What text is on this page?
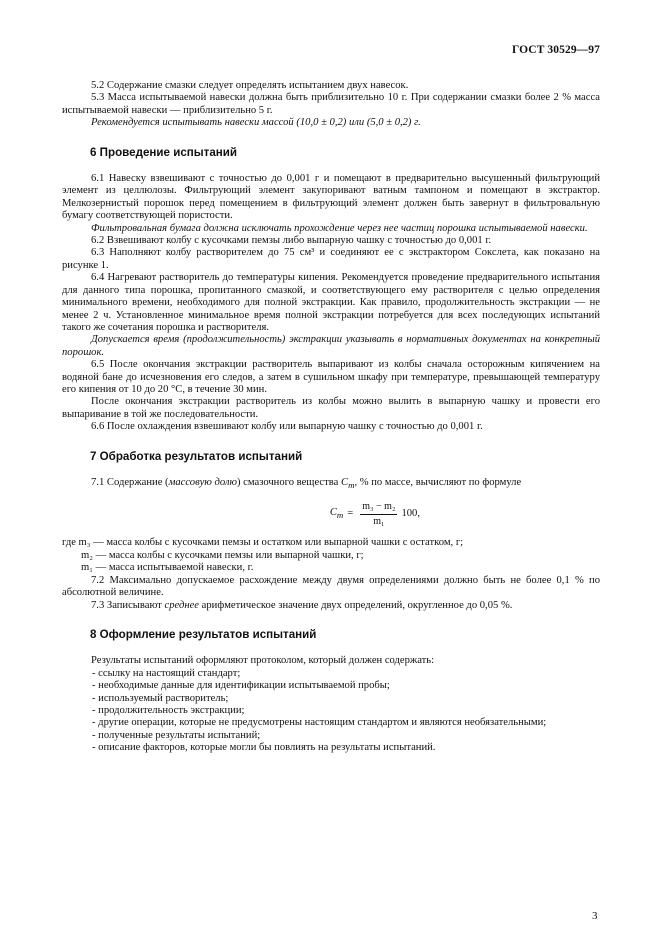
ГОСТ 30529—97

5.2 Содержание смазки следует определять испытанием двух навесок.

5.3 Масса испытываемой навески должна быть приблизительно 10 г. При содержании смазки более 2 % масса испытываемой навески — приблизительно 5 г.

Рекомендуется испытывать навески массой (10,0 ± 0,2) или (5,0 ± 0,2) г.

6 Проведение испытаний

6.1 Навеску взвешивают с точностью до 0,001 г и помещают в предварительно высушенный фильтрующий элемент из целлюлозы. Фильтрующий элемент закупоривают ватным тампоном и помещают в экстрактор. Мелкозернистый порошок перед помещением в фильтрующий элемент должен быть завернут в фильтровальную бумагу соответствующей пористости.

Фильтровальная бумага должна исключать прохождение через нее частиц порошка испытываемой навески.

6.2 Взвешивают колбу с кусочками пемзы либо выпарную чашку с точностью до 0,001 г.

6.3 Наполняют колбу растворителем до 75 см³ и соединяют ее с экстрактором Сокслета, как показано на рисунке 1.

6.4 Нагревают растворитель до температуры кипения. Рекомендуется проведение предварительного испытания для данного типа порошка, пропитанного смазкой, и соответствующего ему растворителя с целью определения минимального времени, необходимого для полной экстракции. Как правило, продолжительность экстракции — не менее 2 ч. Установленное минимальное время полной экстракции потребуется для всех последующих испытаний такого же сочетания порошка и растворителя.

Допускается время (продолжительность) экстракции указывать в нормативных документах на конкретный порошок.

6.5 После окончания экстракции растворитель выпаривают из колбы сначала осторожным кипячением на водяной бане до исчезновения его следов, а затем в сушильном шкафу при температуре, превышающей температуру его кипения от 10 до 20 °С, в течение 30 мин.

После окончания экстракции растворитель из колбы можно вылить в выпарную чашку и провести его выпаривание в той же последовательности.

6.6 После охлаждения взвешивают колбу или выпарную чашку с точностью до 0,001 г.

7 Обработка результатов испытаний

7.1 Содержание (массовую долю) смазочного вещества $C_m$, % по массе, вычисляют по формуле

$C_m = \frac{\text{m₃ − m₂}}{\text{m₁}} 100$,

где m₃ — масса колбы с кусочками пемзы и остатком или выпарной чашки с остатком, г;

m₂ — масса колбы с кусочками пемзы или выпарной чашки, г;

m₁ — масса испытываемой навески, г.

7.2 Максимально допускаемое расхождение между двумя определениями должно быть не более 0,1 % по абсолютной величине.

7.3 Записывают среднее арифметическое значение двух определений, округленное до 0,05 %.

8 Оформление результатов испытаний

Результаты испытаний оформляют протоколом, который должен содержать:

- ссылку на настоящий стандарт;

- необходимые данные для идентификации испытываемой пробы;

- используемый растворитель;

- продолжительность экстракции;

- другие операции, которые не предусмотрены настоящим стандартом и являются необязательными;

- полученные результаты испытаний;

- описание факторов, которые могли бы повлиять на результаты испытаний.

3
